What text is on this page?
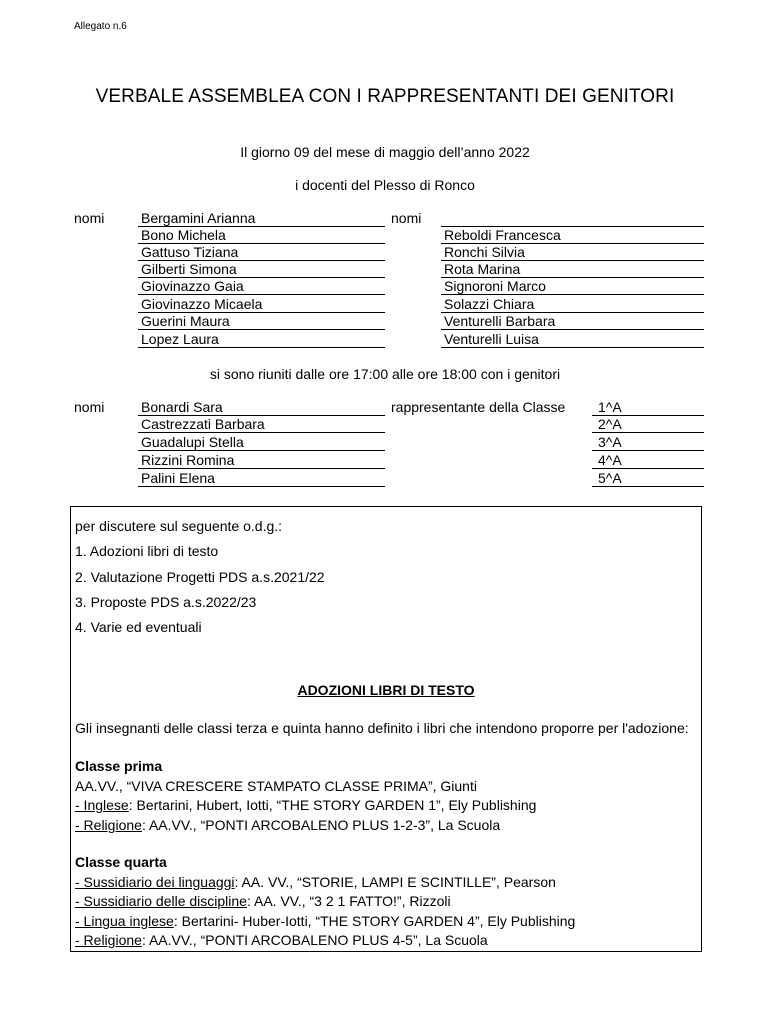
Allegato n.6
VERBALE ASSEMBLEA CON I RAPPRESENTANTI DEI GENITORI
Il giorno 09 del mese di maggio dell’anno 2022
i docenti del Plesso di Ronco
nomi	nomi
Bergamini Arianna
Bono Michela
Gattuso Tiziana
Gilberti Simona
Giovinazzo Gaia
Giovinazzo Micaela
Guerini Maura
Lopez Laura
Reboldi Francesca
Ronchi Silvia
Rota Marina
Signoroni Marco
Solazzi Chiara
Venturelli Barbara
Venturelli Luisa
si sono riuniti dalle ore 17:00 alle ore 18:00 con i genitori
nomi	rappresentante della Classe
Bonardi Sara
Castrezzati Barbara
Guadalupi Stella
Rizzini Romina
Palini Elena
1^A
2^A
3^A
4^A
5^A
per discutere sul seguente o.d.g.:
1. Adozioni libri di testo
2. Valutazione Progetti PDS a.s.2021/22
3. Proposte PDS a.s.2022/23
4. Varie ed eventuali
ADOZIONI LIBRI DI TESTO
Gli insegnanti delle classi terza e quinta hanno definito i libri che intendono proporre per l'adozione:
Classe prima
AA.VV., “VIVA CRESCERE STAMPATO CLASSE PRIMA”, Giunti
- Inglese: Bertarini, Hubert, Iotti, “THE STORY GARDEN 1”, Ely Publishing
- Religione: AA.VV., “PONTI ARCOBALENO PLUS 1-2-3”, La Scuola
Classe quarta
- Sussidiario dei linguaggi: AA. VV., “STORIE, LAMPI E SCINTILLE”, Pearson
- Sussidiario delle discipline: AA. VV., “3 2 1 FATTO!”, Rizzoli
- Lingua inglese: Bertarini- Huber-Iotti, “THE STORY GARDEN 4”, Ely Publishing
- Religione: AA.VV., “PONTI ARCOBALENO PLUS 4-5”, La Scuola
